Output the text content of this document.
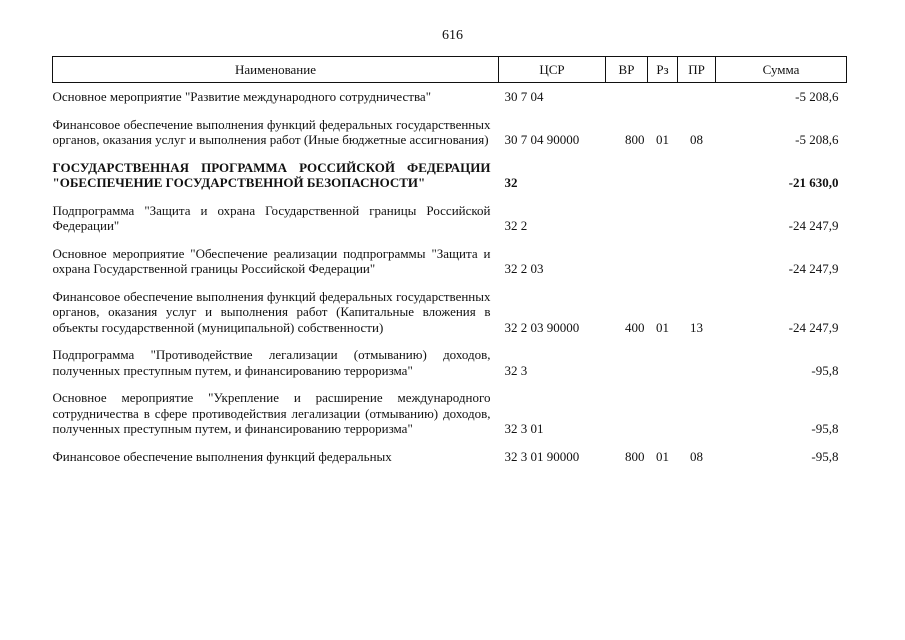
616
Наименование	ЦСР	ВР	Рз	ПР	Сумма
Основное мероприятие "Развитие международного сотрудничества"	30 7 04				-5 208,6
Финансовое обеспечение выполнения функций федеральных государственных органов, оказания услуг и выполнения работ (Иные бюджетные ассигнования)	30 7 04 90000	800	01	08	-5 208,6
ГОСУДАРСТВЕННАЯ ПРОГРАММА РОССИЙСКОЙ ФЕДЕРАЦИИ "ОБЕСПЕЧЕНИЕ ГОСУДАРСТВЕННОЙ БЕЗОПАСНОСТИ"	32				-21 630,0
Подпрограмма "Защита и охрана Государственной границы Российской Федерации"	32 2				-24 247,9
Основное мероприятие "Обеспечение реализации подпрограммы "Защита и охрана Государственной границы Российской Федерации"	32 2 03				-24 247,9
Финансовое обеспечение выполнения функций федеральных государственных органов, оказания услуг и выполнения работ (Капитальные вложения в объекты государственной (муниципальной) собственности)	32 2 03 90000	400	01	13	-24 247,9
Подпрограмма "Противодействие легализации (отмыванию) доходов, полученных преступным путем, и финансированию терроризма"	32 3				-95,8
Основное мероприятие "Укрепление и расширение международного сотрудничества в сфере противодействия легализации (отмыванию) доходов, полученных преступным путем, и финансированию терроризма"	32 3 01				-95,8
Финансовое обеспечение выполнения функций федеральных	32 3 01 90000	800	01	08	-95,8
